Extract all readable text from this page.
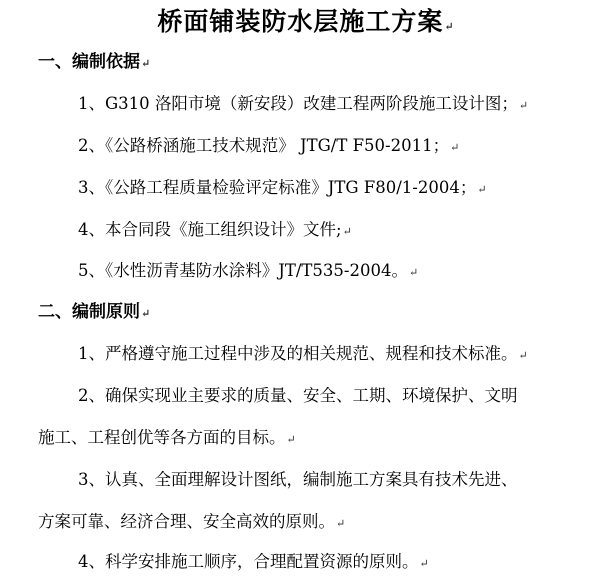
桥面铺装防水层施工方案↵
一、编制依据↵
1、G310 洛阳市境（新安段）改建工程两阶段施工设计图；↵
2、《公路桥涵施工技术规范》 JTG/T F50-2011；↵
3、《公路工程质量检验评定标准》JTG F80/1-2004；↵
4、本合同段《施工组织设计》文件;↵
5、《水性沥青基防水涂料》JT/T535-2004。↵
二、编制原则↵
1、严格遵守施工过程中涉及的相关规范、规程和技术标准。↵
2、确保实现业主要求的质量、安全、工期、环境保护、文明
施工、工程创优等各方面的目标。↵
3、认真、全面理解设计图纸，编制施工方案具有技术先进、
方案可靠、经济合理、安全高效的原则。↵
4、科学安排施工顺序，合理配置资源的原则。↵
